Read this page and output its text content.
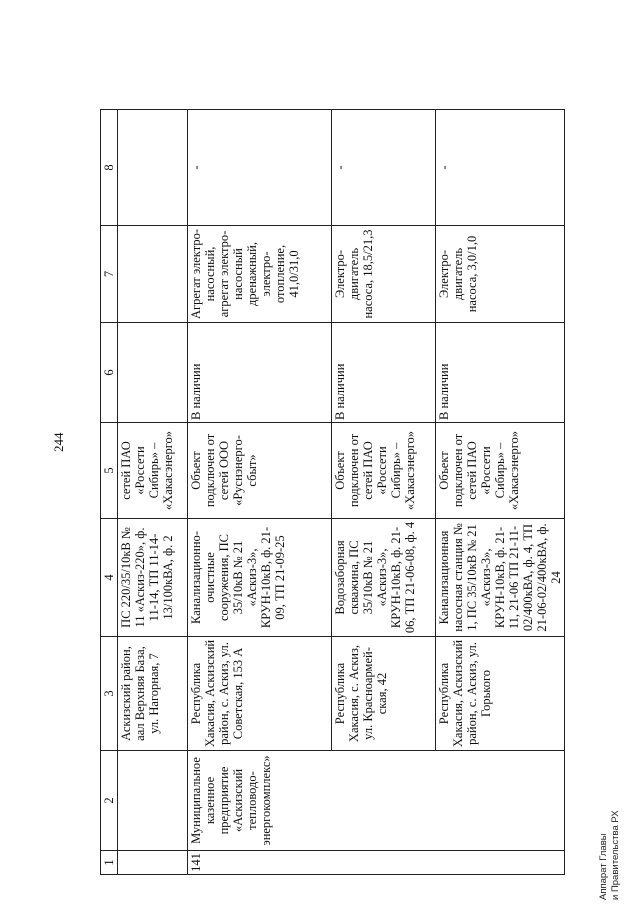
244
Аппарат Главы и Правительства РХ
1	2	3	4	5	6	7	8
		Аскизский район, аал Верхняя База, ул. Нагорная, 7	ПС 220/35/10кВ № 11 «Аскиз-220», ф. 11-14, ТП 11-14-13/100кВА, ф. 2	сетей ПАО «Россети Сибирь» – «Хакасэнерго»			
141	Муниципальное казенное предприятие «Аскизский тепловодо-энергокомплекс»	Республика Хакасия, Аскизский район, с. Аскиз, ул. Советская, 153 А	Канализационно-очистные сооружения, ПС 35/10кВ № 21 «Аскиз-3», КРУН-10кВ, ф. 21-09, ТП 21-09-25	Объект подключен от сетей ООО «Руснэнерго-сбыт»	В наличии	Агрегат электро-насосный, агрегат электро-насосный дренажный, электро-отопление, 41,0/31,0	-
		Республика Хакасия, с. Аскиз, ул. Красноармей-ская, 42	Водозаборная скважина, ПС 35/10кВ № 21 «Аскиз-3», КРУН-10кВ, ф. 21-06, ТП 21-06-08, ф. 4	Объект подключен от сетей ПАО «Россети Сибирь» – «Хакасэнерго»	В наличии	Электро-двигатель насоса, 18,5/21,3	-
		Республика Хакасия, Аскизский район, с. Аскиз, ул. Горького	Канализационная насосная станция № 1, ПС 35/10кВ № 21 «Аскиз-3», КРУН-10кВ, ф. 21-11, 21-06 ТП 21-11-02/400кВА, ф. 4, ТП 21-06-02/400кВА, ф. 24	Объект подключен от сетей ПАО «Россети Сибирь» – «Хакасэнерго»	В наличии	Электро-двигатель насоса, 3,0/1,0	-
